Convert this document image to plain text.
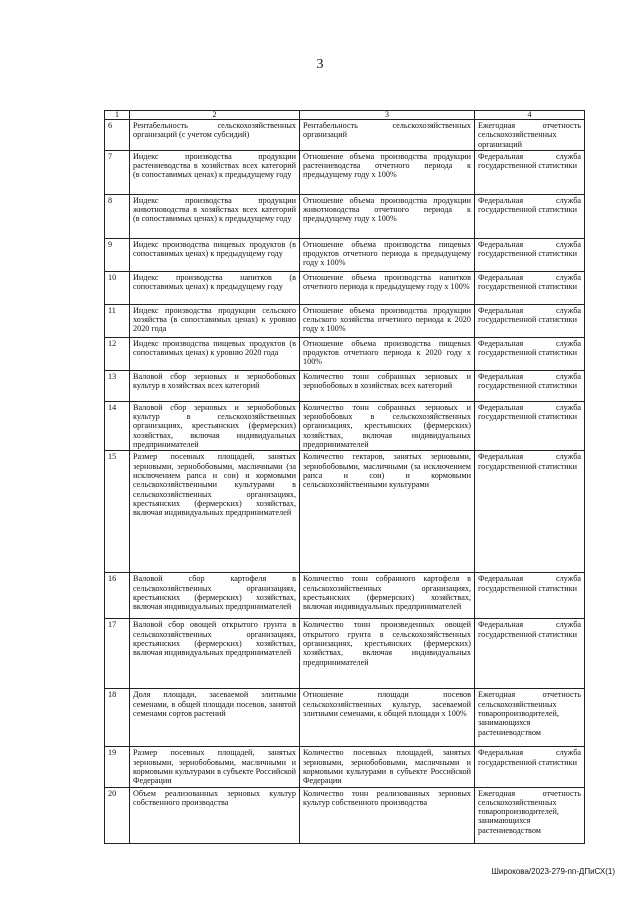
3
1	2	3	4
6	Рентабельность сельскохозяйственных организаций (с учетом субсидий)	Рентабельность сельскохозяйственных организаций	Ежегодная отчетность сельскохозяйственных организаций
7	Индекс производства продукции растениеводства в хозяйствах всех категорий (в сопоставимых ценах) к предыдущему году	Отношение объема производства продукции растениеводства отчетного периода к предыдущему году х 100%	Федеральная служба государственной статистики
8	Индекс производства продукции животноводства в хозяйствах всех категорий (в сопоставимых ценах) к предыдущему году	Отношение объема производства продукции животноводства отчетного периода к предыдущему году х 100%	Федеральная служба государственной статистики
9	Индекс производства пищевых продуктов (в сопоставимых ценах) к предыдущему году	Отношение объема производства пищевых продуктов отчетного периода к предыдущему году х 100%	Федеральная служба государственной статистики
10	Индекс производства напитков (в сопоставимых ценах) к предыдущему году	Отношение объема производства напитков отчетного периода к предыдущему году х 100%	Федеральная служба государственной статистики
11	Индекс производства продукции сельского хозяйства (в сопоставимых ценах) к уровню 2020 года	Отношение объема производства продукции сельского хозяйства отчетного периода к 2020 году х 100%	Федеральная служба государственной статистики
12	Индекс производства пищевых продуктов (в сопоставимых ценах) к уровню 2020 года	Отношение объема производства пищевых продуктов отчетного периода к 2020 году х 100%	Федеральная служба государственной статистики
13	Валовой сбор зерновых и зернобобовых культур в хозяйствах всех категорий	Количество тонн собранных зерновых и зернобобовых в хозяйствах всех категорий	Федеральная служба государственной статистики
14	Валовой сбор зерновых и зернобобовых культур в сельскохозяйственных организациях, крестьянских (фермерских) хозяйствах, включая индивидуальных предпринимателей	Количество тонн собранных зерновых и зернобобовых в сельскохозяйственных организациях, крестьянских (фермерских) хозяйствах, включая индивидуальных предпринимателей	Федеральная служба государственной статистики
15	Размер посевных площадей, занятых зерновыми, зернобобовыми, масличными (за исключением рапса и сои) и кормовыми сельскохозяйственными культурами в сельскохозяйственных организациях, крестьянских (фермерских) хозяйствах, включая индивидуальных предпринимателей	Количество гектаров, занятых зерновыми, зернобобовыми, масличными (за исключением рапса и сои) и кормовыми сельскохозяйственными культурами	Федеральная служба государственной статистики
16	Валовой сбор картофеля в сельскохозяйственных организациях, крестьянских (фермерских) хозяйствах, включая индивидуальных предпринимателей	Количество тонн собранного картофеля в сельскохозяйственных организациях, крестьянских (фермерских) хозяйствах, включая индивидуальных предпринимателей	Федеральная служба государственной статистики
17	Валовой сбор овощей открытого грунта в сельскохозяйственных организациях, крестьянских (фермерских) хозяйствах, включая индивидуальных предпринимателей	Количество тонн произведенных овощей открытого грунта в сельскохозяйственных организациях, крестьянских (фермерских) хозяйствах, включая индивидуальных предпринимателей	Федеральная служба государственной статистики
18	Доля площади, засеваемой элитными семенами, в общей площади посевов, занятой семенами сортов растений	Отношение площади посевов сельскохозяйственных культур, засеваемой элитными семенами, к общей площади х 100%	Ежегодная отчетность сельскохозяйственных товаропроизводителей, занимающихся растениеводством
19	Размер посевных площадей, занятых зерновыми, зернобобовыми, масличными и кормовыми культурами в субъекте Российской Федерации	Количество посевных площадей, занятых зерновыми, зернобобовыми, масличными и кормовыми культурами в субъекте Российской Федерации	Федеральная служба государственной статистики
20	Объем реализованных зерновых культур собственного производства	Количество тонн реализованных зерновых культур собственного производства	Ежегодная отчетность сельскохозяйственных товаропроизводителей, занимающихся растениеводством
Широкова/2023-279-пп-ДПиСХ(1)
